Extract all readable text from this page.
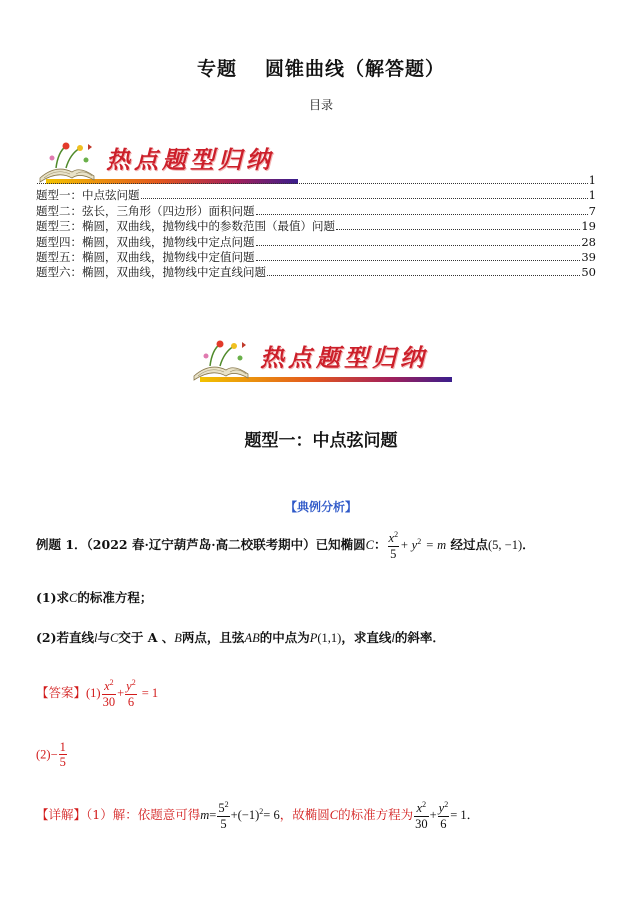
专题 圆锥曲线（解答题）
目录
热点题型归纳
1
题型一：中点弦问题	1
题型二：弦长，三角形（四边形）面积问题	7
题型三：椭圆，双曲线，抛物线中的参数范围（最值）问题	19
题型四：椭圆，双曲线，抛物线中定点问题	28
题型五：椭圆，双曲线，抛物线中定值问题	39
题型六：椭圆，双曲线，抛物线中定直线问题	50
热点题型归纳
题型一：中点弦问题
【典例分析】
例题 1．（2022 春·辽宁葫芦岛·高二校联考期中）已知椭圆C： $\frac{x^2}{5} + y^2 = m$ 经过点(5, −1)．
(1)求C的标准方程；
(2)若直线l与C交于 A 、B两点，且弦AB的中点为P(1,1)，求直线l的斜率．
【答案】$(1) \frac{x^2}{30} + \frac{y^2}{6} = 1$
$(2)- \frac{1}{5}$
【详解】（1）解：依题意可得$m= \frac{5^2}{5} +(-1)^2= 6$，故椭圆C的标准方程为 $\frac{x^2}{30} + \frac{y^2}{6} = 1$．
